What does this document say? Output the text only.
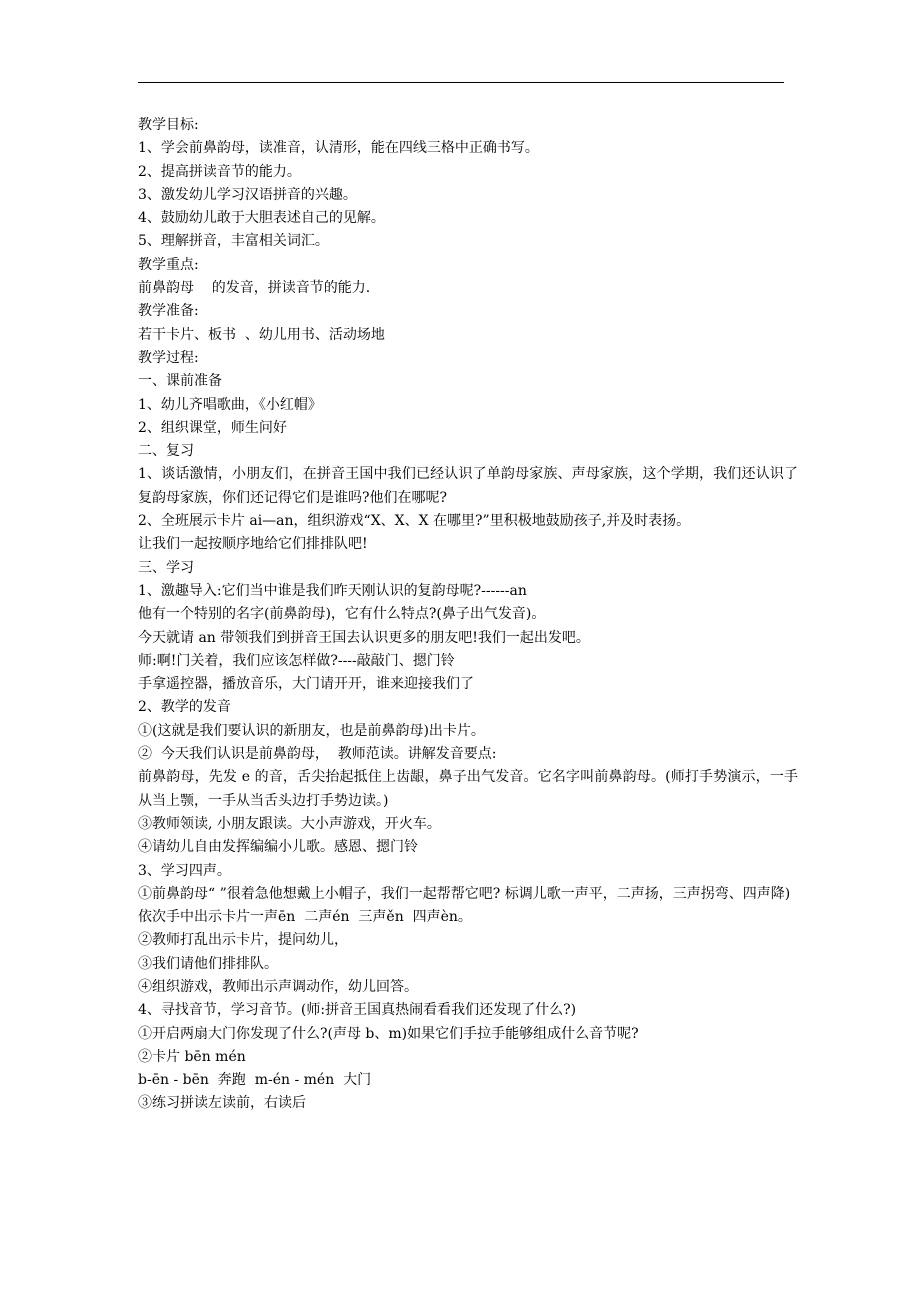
教学目标:
1、学会前鼻韵母，读准音，认清形，能在四线三格中正确书写。
2、提高拼读音节的能力。
3、激发幼儿学习汉语拼音的兴趣。
4、鼓励幼儿敢于大胆表述自己的见解。
5、理解拼音，丰富相关词汇。
教学重点:
前鼻韵母    的发音，拼读音节的能力.
教学准备:
若干卡片、板书  、幼儿用书、活动场地
教学过程:
一、课前准备
1、幼儿齐唱歌曲，《小红帽》
2、组织课堂，师生问好
二、复习
1、谈话激情，小朋友们，在拼音王国中我们已经认识了单韵母家族、声母家族，这个学期，我们还认识了复韵母家族，你们还记得它们是谁吗?他们在哪呢?
2、全班展示卡片 ai—an，组织游戏“X、X、X 在哪里?”里积极地鼓励孩子,并及时表扬。
让我们一起按顺序地给它们排排队吧!
三、学习
1、激趣导入:它们当中谁是我们昨天刚认识的复韵母呢?------an
他有一个特别的名字(前鼻韵母)，它有什么特点?(鼻子出气发音)。
今天就请 an 带领我们到拼音王国去认识更多的朋友吧!我们一起出发吧。
师:啊!门关着，我们应该怎样做?----敲敲门、摁门铃
手拿遥控器，播放音乐，大门请开开，谁来迎接我们了
2、教学的发音
①(这就是我们要认识的新朋友，也是前鼻韵母)出卡片。
②  今天我们认识是前鼻韵母，  教师范读。讲解发音要点:
前鼻韵母，先发 e 的音，舌尖抬起抵住上齿龈，鼻子出气发音。它名字叫前鼻韵母。(师打手势演示，一手从当上颚，一手从当舌头边打手势边读。)
③教师领读, 小朋友跟读。大小声游戏，开火车。
④请幼儿自由发挥编编小儿歌。感恩、摁门铃
3、学习四声。
①前鼻韵母“ ”很着急他想戴上小帽子，我们一起帮帮它吧? 标调儿歌一声平，二声扬，三声拐弯、四声降)
依次手中出示卡片一声ēn  二声én  三声ěn  四声èn。
②教师打乱出示卡片，提问幼儿，
③我们请他们排排队。
④组织游戏，教师出示声调动作，幼儿回答。
4、寻找音节，学习音节。(师:拼音王国真热闹看看我们还发现了什么?)
①开启两扇大门你发现了什么?(声母 b、m)如果它们手拉手能够组成什么音节呢?
②卡片 bēn mén
b-ēn - bēn  奔跑  m-én - mén  大门
③练习拼读左读前，右读后
